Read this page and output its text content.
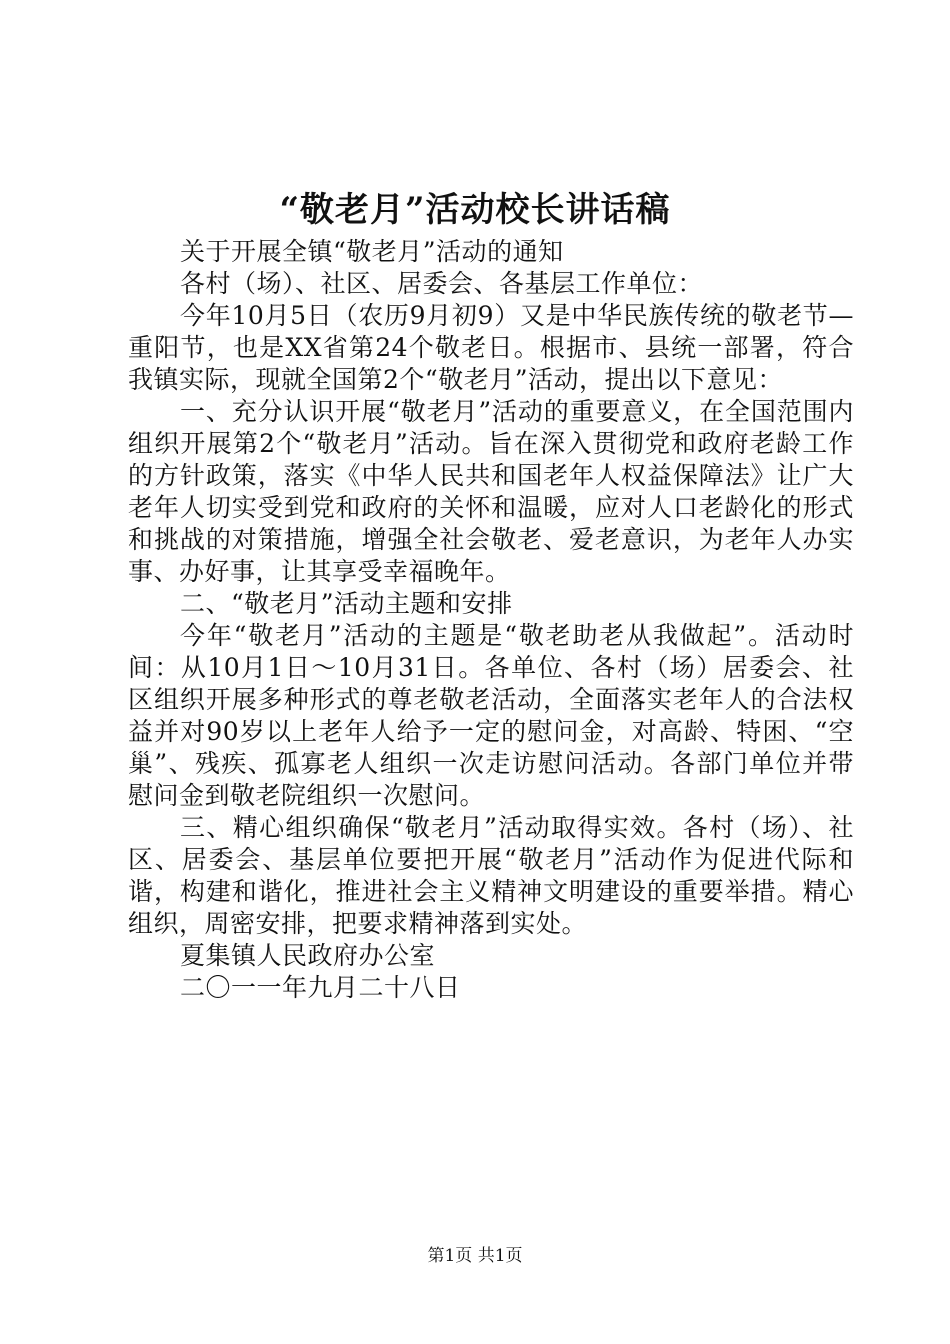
“敬老月”活动校长讲话稿

关于开展全镇“敬老月”活动的通知

各村（场）、社区、居委会、各基层工作单位：

今年10月5日（农历9月初9）又是中华民族传统的敬老节—重阳节，也是XX省第24个敬老日。根据市、县统一部署，符合我镇实际，现就全国第2个“敬老月”活动，提出以下意见：

一、充分认识开展“敬老月”活动的重要意义，在全国范围内组织开展第2个“敬老月”活动。旨在深入贯彻党和政府老龄工作的方针政策，落实《中华人民共和国老年人权益保障法》让广大老年人切实受到党和政府的关怀和温暖，应对人口老龄化的形式和挑战的对策措施，增强全社会敬老、爱老意识，为老年人办实事、办好事，让其享受幸福晚年。

二、“敬老月”活动主题和安排

今年“敬老月”活动的主题是“敬老助老从我做起”。活动时间：从10月1日～10月31日。各单位、各村（场）居委会、社区组织开展多种形式的尊老敬老活动，全面落实老年人的合法权益并对90岁以上老年人给予一定的慰问金，对高龄、特困、“空巢”、残疾、孤寡老人组织一次走访慰问活动。各部门单位并带慰问金到敬老院组织一次慰问。

三、精心组织确保“敬老月”活动取得实效。各村（场）、社区、居委会、基层单位要把开展“敬老月”活动作为促进代际和谐，构建和谐化，推进社会主义精神文明建设的重要举措。精心组织，周密安排，把要求精神落到实处。

夏集镇人民政府办公室

二〇一一年九月二十八日

第1页 共1页
